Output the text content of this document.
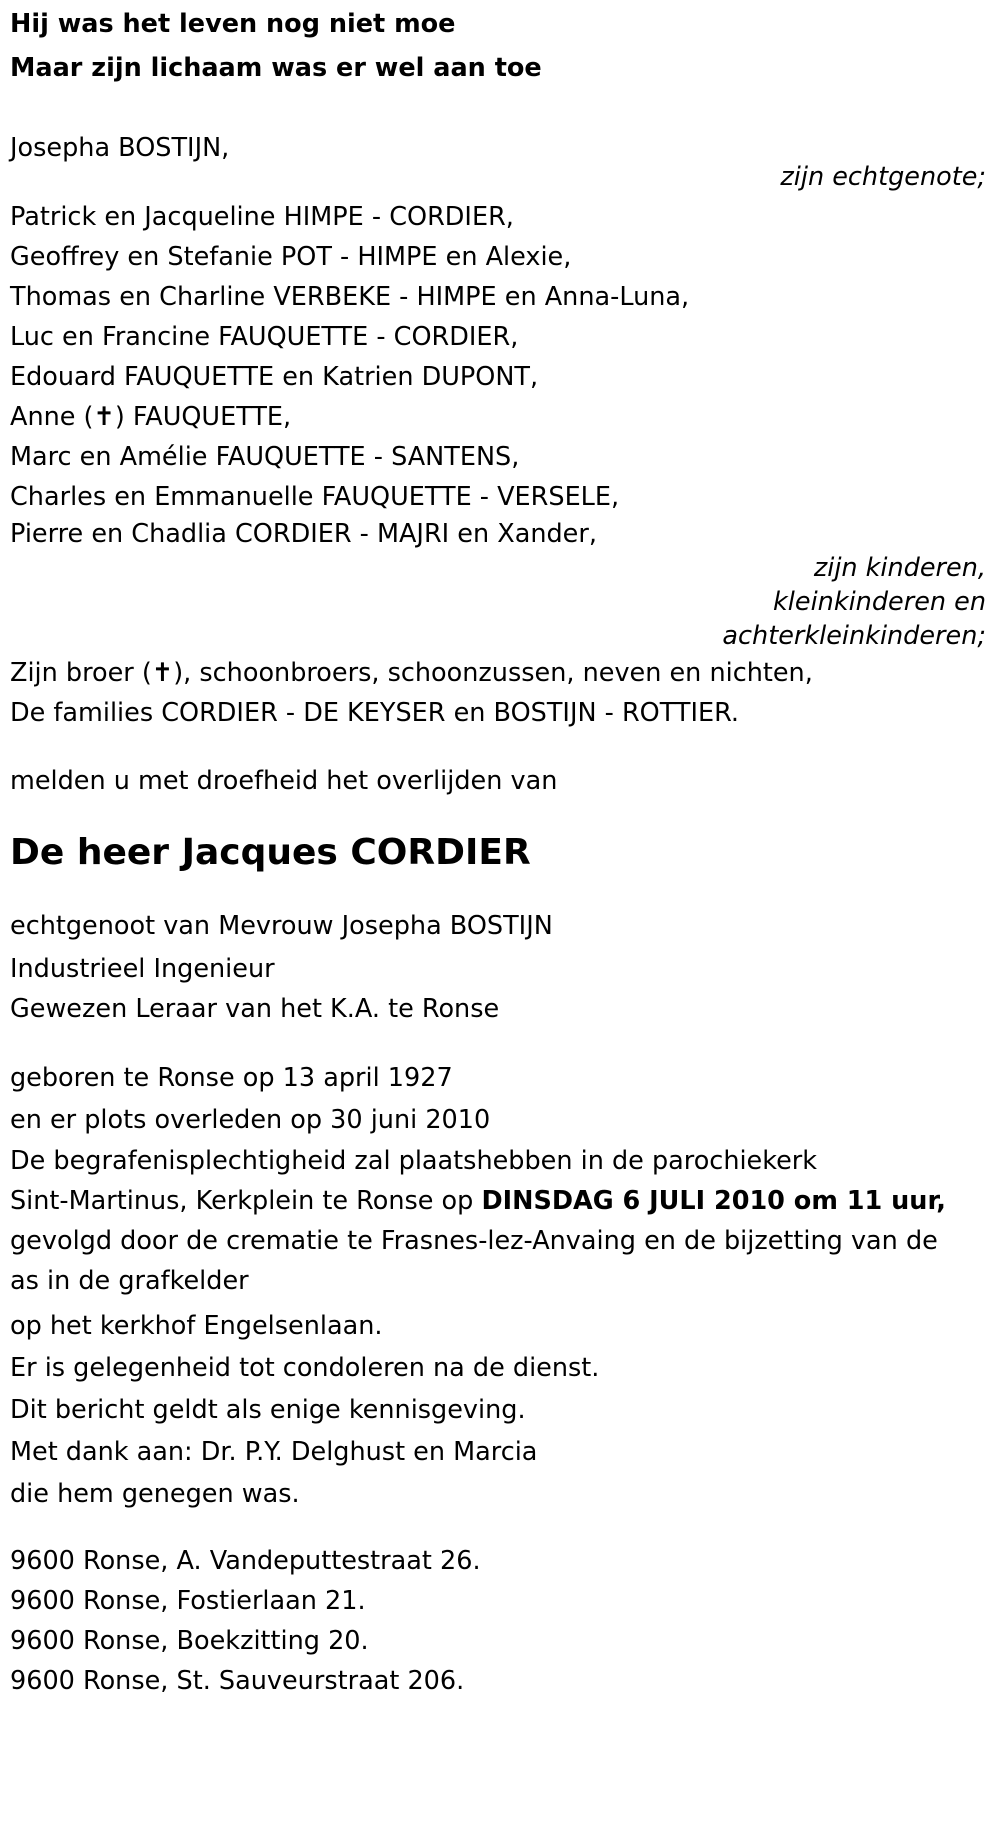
Hij was het leven nog niet moe
Maar zijn lichaam was er wel aan toe
Josepha BOSTIJN,
zijn echtgenote;
Patrick en Jacqueline HIMPE - CORDIER,
Geoffrey en Stefanie POT - HIMPE en Alexie,
Thomas en Charline VERBEKE - HIMPE en Anna-Luna,
Luc en Francine FAUQUETTE - CORDIER,
Edouard FAUQUETTE en Katrien DUPONT,
Anne (✝) FAUQUETTE,
Marc en Amélie FAUQUETTE - SANTENS,
Charles en Emmanuelle FAUQUETTE - VERSELE,
Pierre en Chadlia CORDIER - MAJRI en Xander,
zijn kinderen,
kleinkinderen en
achterkleinkinderen;
Zijn broer (✝), schoonbroers, schoonzussen, neven en nichten,
De families CORDIER - DE KEYSER en BOSTIJN - ROTTIER.
melden u met droefheid het overlijden van
De heer Jacques CORDIER
echtgenoot van Mevrouw Josepha BOSTIJN
Industrieel Ingenieur
Gewezen Leraar van het K.A. te Ronse
geboren te Ronse op 13 april 1927
en er plots overleden op 30 juni 2010
De begrafenisplechtigheid zal plaatshebben in de parochiekerk
Sint-Martinus, Kerkplein te Ronse op DINSDAG 6 JULI 2010 om 11 uur,
gevolgd door de crematie te Frasnes-lez-Anvaing en de bijzetting van de
as in de grafkelder
op het kerkhof Engelsenlaan.
Er is gelegenheid tot condoleren na de dienst.
Dit bericht geldt als enige kennisgeving.
Met dank aan: Dr. P.Y. Delghust en Marcia
die hem genegen was.
9600 Ronse, A. Vandeputtestraat 26.
9600 Ronse, Fostierlaan 21.
9600 Ronse, Boekzitting 20.
9600 Ronse, St. Sauveurstraat 206.
